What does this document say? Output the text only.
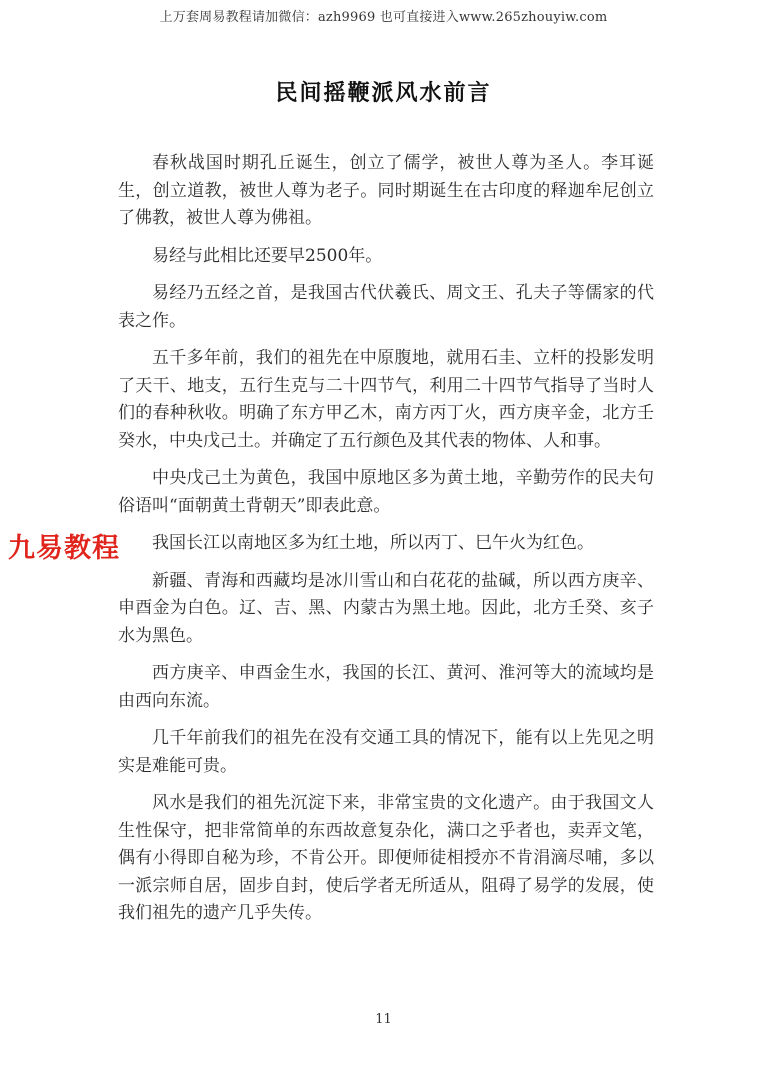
上万套周易教程请加微信：azh9969 也可直接进入www.265zhouyiw.com
民间摇鞭派风水前言

春秋战国时期孔丘诞生，创立了儒学，被世人尊为圣人。李耳诞生，创立道教，被世人尊为老子。同时期诞生在古印度的释迦牟尼创立了佛教，被世人尊为佛祖。

易经与此相比还要早2500年。

易经乃五经之首，是我国古代伏羲氏、周文王、孔夫子等儒家的代表之作。

五千多年前，我们的祖先在中原腹地，就用石圭、立杆的投影发明了天干、地支，五行生克与二十四节气，利用二十四节气指导了当时人们的春种秋收。明确了东方甲乙木，南方丙丁火，西方庚辛金，北方壬癸水，中央戊己土。并确定了五行颜色及其代表的物体、人和事。

中央戊己土为黄色，我国中原地区多为黄土地，辛勤劳作的民夫句俗语叫“面朝黄土背朝天”即表此意。

我国长江以南地区多为红土地，所以丙丁、巳午火为红色。

新疆、青海和西藏均是冰川雪山和白花花的盐碱，所以西方庚辛、申酉金为白色。辽、吉、黑、内蒙古为黑土地。因此，北方壬癸、亥子水为黑色。

西方庚辛、申酉金生水，我国的长江、黄河、淮河等大的流域均是由西向东流。

几千年前我们的祖先在没有交通工具的情况下，能有以上先见之明实是难能可贵。

风水是我们的祖先沉淀下来，非常宝贵的文化遗产。由于我国文人生性保守，把非常简单的东西故意复杂化，满口之乎者也，卖弄文笔，偶有小得即自秘为珍，不肯公开。即便师徒相授亦不肯涓滴尽哺，多以一派宗师自居，固步自封，使后学者无所适从，阻碍了易学的发展，使我们祖先的遗产几乎失传。

九易教程
11
